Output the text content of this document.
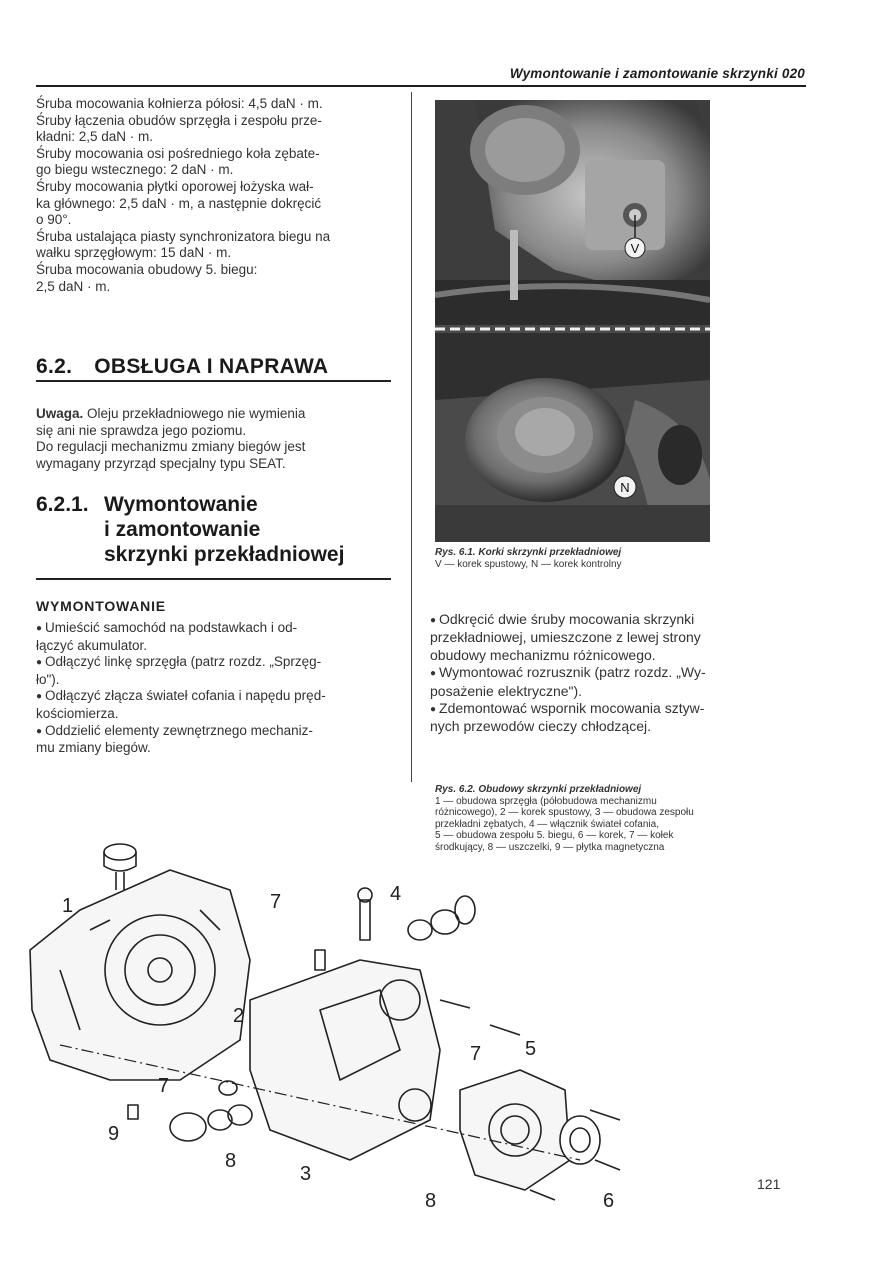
Wymontowanie i zamontowanie skrzynki 020

Śruba mocowania kołnierza półosi: 4,5 daN · m.

Śruby łączenia obudów sprzęgła i zespołu prze-

kładni: 2,5 daN · m.

Śruby mocowania osi pośredniego koła zębate-

go biegu wstecznego: 2 daN · m.

Śruby mocowania płytki oporowej łożyska wał-

ka głównego: 2,5 daN · m, a następnie dokręcić

o 90°.

Śruba ustalająca piasty synchronizatora biegu na

wałku sprzęgłowym: 15 daN · m.

Śruba mocowania obudowy 5. biegu:

2,5 daN · m.

6.2. OBSŁUGA I NAPRAWA

Uwaga. Oleju przekładniowego nie wymienia

się ani nie sprawdza jego poziomu.

Do regulacji mechanizmu zmiany biegów jest

wymagany przyrząd specjalny typu SEAT.

6.2.1. Wymontowanie
i zamontowanie
skrzynki przekładniowej
WYMONTOWANIE

● Umieścić samochód na podstawkach i od-

łączyć akumulator.

● Odłączyć linkę sprzęgła (patrz rozdz. „Sprzęg-

ło").

● Odłączyć złącza świateł cofania i napędu pręd-

kościomierza.

● Oddzielić elementy zewnętrznego mechaniz-

mu zmiany biegów.

V
N
Rys. 6.1. Korki skrzynki przekładniowej
V — korek spustowy, N — korek kontrolny

● Odkręcić dwie śruby mocowania skrzynki

przekładniowej, umieszczone z lewej strony

obudowy mechanizmu różnicowego.

● Wymontować rozrusznik (patrz rozdz. „Wy-

posażenie elektryczne").

● Zdemontować wspornik mocowania sztyw-

nych przewodów cieczy chłodzącej.

Rys. 6.2. Obudowy skrzynki przekładniowej
1 — obudowa sprzęgła (półobudowa mechanizmu
różnicowego), 2 — korek spustowy, 3 — obudowa zespołu
przekładni zębatych, 4 — włącznik świateł cofania,
5 — obudowa zespołu 5. biegu, 6 — korek, 7 — kołek
środkujący, 8 — uszczelki, 9 — płytka magnetyczna
1	7	4
2
7
7
5
9
8
3
8	6
121
